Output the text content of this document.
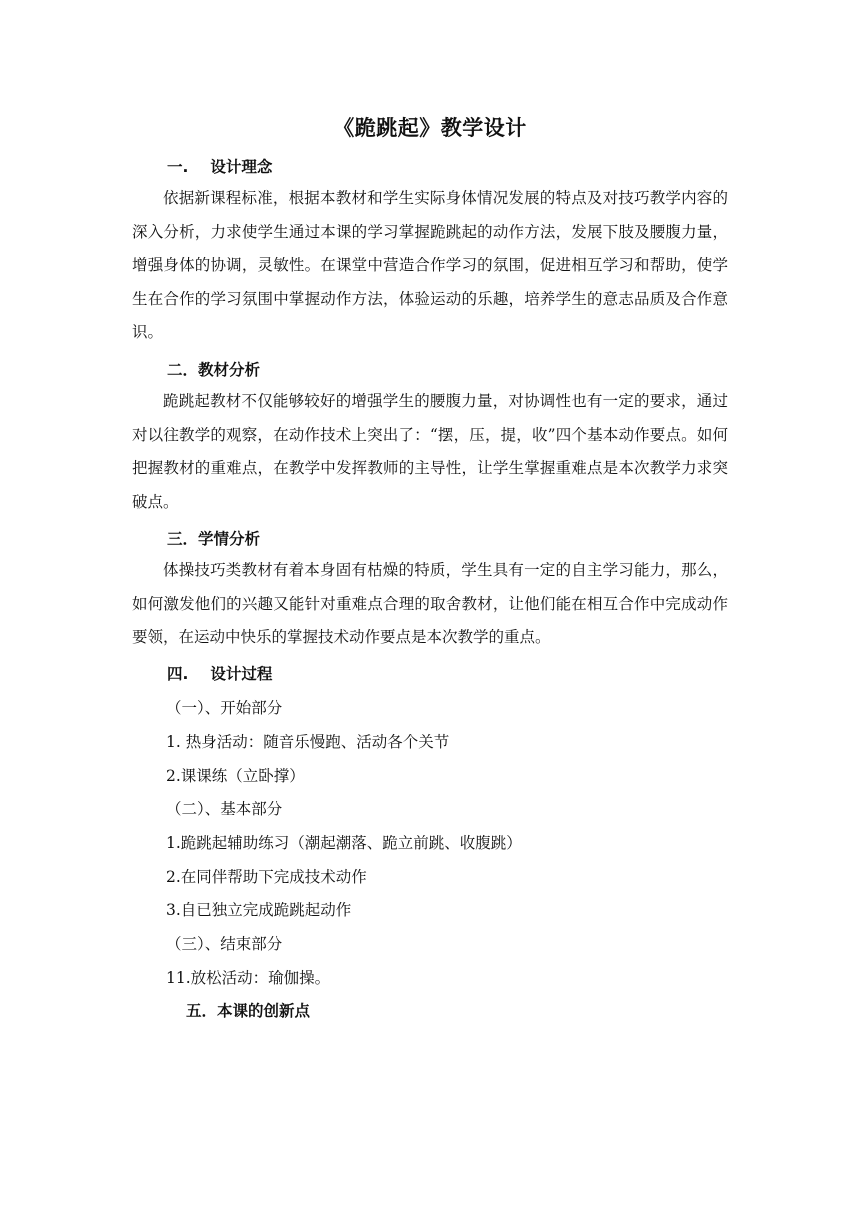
《跪跳起》教学设计
一. 设计理念

依据新课程标准，根据本教材和学生实际身体情况发展的特点及对技巧教学内容的深入分析，力求使学生通过本课的学习掌握跪跳起的动作方法，发展下肢及腰腹力量，增强身体的协调，灵敏性。在课堂中营造合作学习的氛围，促进相互学习和帮助，使学生在合作的学习氛围中掌握动作方法，体验运动的乐趣，培养学生的意志品质及合作意识。

二．教材分析

跪跳起教材不仅能够较好的增强学生的腰腹力量，对协调性也有一定的要求，通过对以往教学的观察，在动作技术上突出了：“摆，压，提，收”四个基本动作要点。如何把握教材的重难点，在教学中发挥教师的主导性，让学生掌握重难点是本次教学力求突破点。

三．学情分析

体操技巧类教材有着本身固有枯燥的特质，学生具有一定的自主学习能力，那么，如何激发他们的兴趣又能针对重难点合理的取舍教材，让他们能在相互合作中完成动作要领，在运动中快乐的掌握技术动作要点是本次教学的重点。

四. 设计过程
（一）、开始部分
1. 热身活动：随音乐慢跑、活动各个关节
2.课课练（立卧撑）
（二）、基本部分
1.跪跳起辅助练习（潮起潮落、跪立前跳、收腹跳）
2.在同伴帮助下完成技术动作
3.自已独立完成跪跳起动作
（三）、结束部分
11.放松活动：瑜伽操。
五．本课的创新点
